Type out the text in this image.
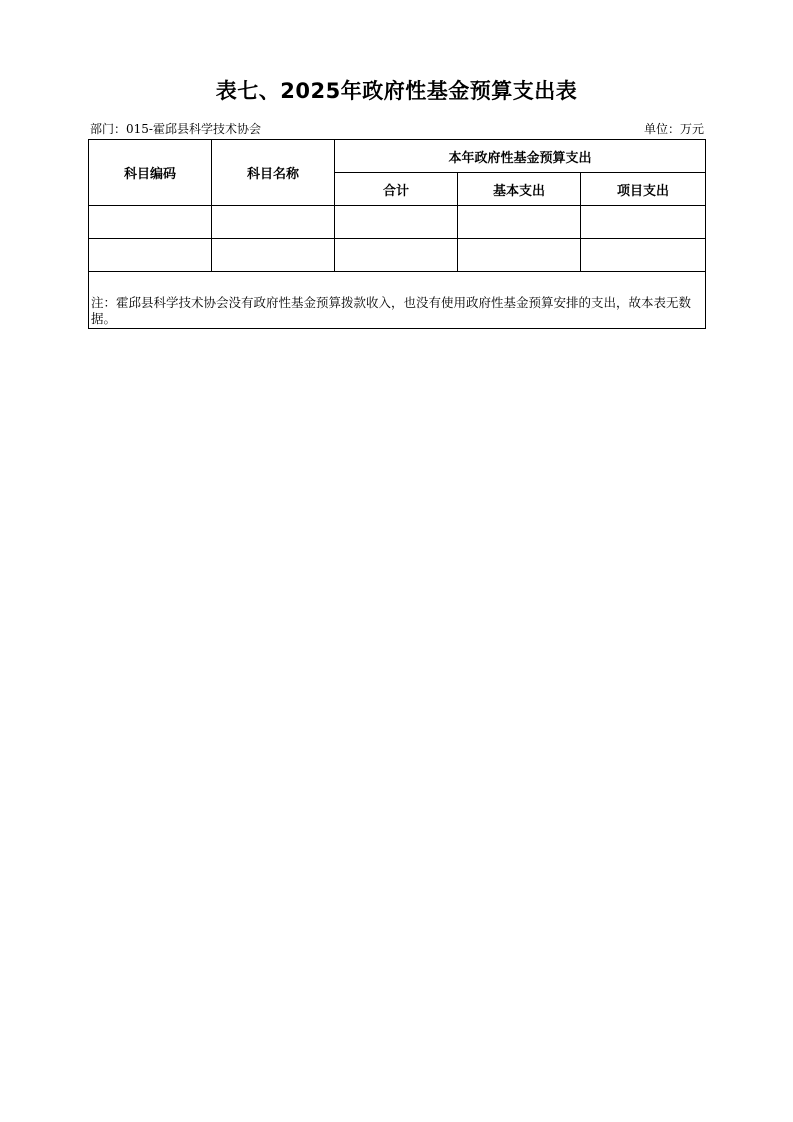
表七、2025年政府性基金预算支出表
部门：015-霍邱县科学技术协会	单位：万元
科目编码	科目名称	本年政府性基金预算支出		
		合计	基本支出	项目支出

注：霍邱县科学技术协会没有政府性基金预算拨款收入，也没有使用政府性基金预算安排的支出，故本表无数据。				
